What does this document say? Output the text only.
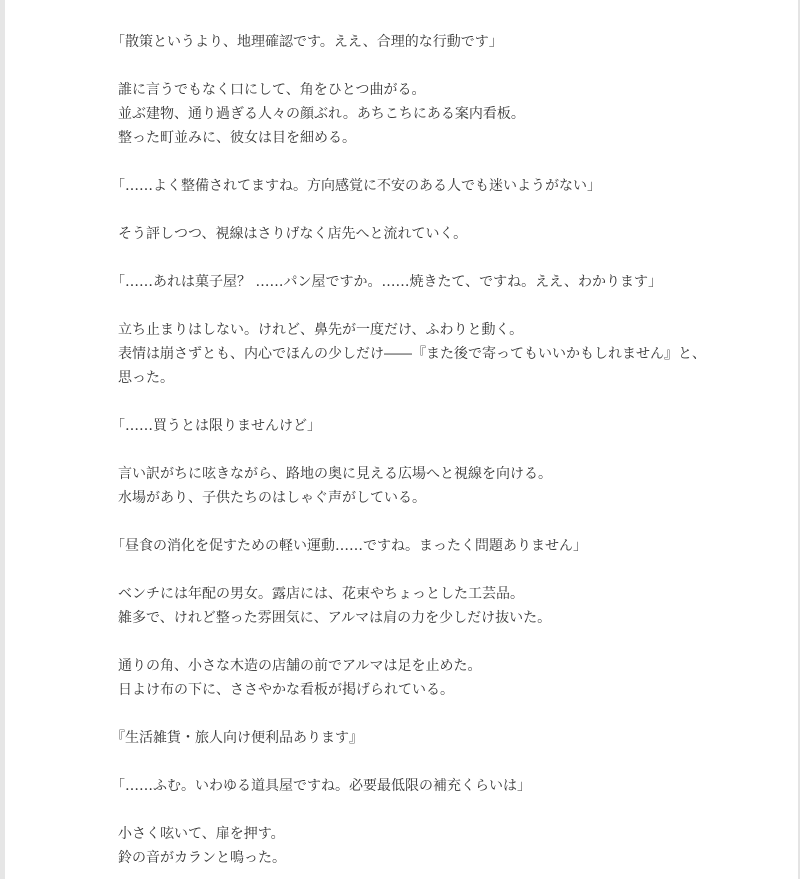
「散策というより、地理確認です。ええ、合理的な行動です」

誰に言うでもなく口にして、角をひとつ曲がる。
並ぶ建物、通り過ぎる人々の顔ぶれ。あちこちにある案内看板。
整った町並みに、彼女は目を細める。

「……よく整備されてますね。方向感覚に不安のある人でも迷いようがない」

そう評しつつ、視線はさりげなく店先へと流れていく。

「……あれは菓子屋？ ……パン屋ですか。……焼きたて、ですね。ええ、わかります」

立ち止まりはしない。けれど、鼻先が一度だけ、ふわりと動く。
表情は崩さずとも、内心でほんの少しだけ――『また後で寄ってもいいかもしれません』と、
思った。

「……買うとは限りませんけど」

言い訳がちに呟きながら、路地の奥に見える広場へと視線を向ける。
水場があり、子供たちのはしゃぐ声がしている。

「昼食の消化を促すための軽い運動……ですね。まったく問題ありません」

ベンチには年配の男女。露店には、花束やちょっとした工芸品。
雑多で、けれど整った雰囲気に、アルマは肩の力を少しだけ抜いた。

通りの角、小さな木造の店舗の前でアルマは足を止めた。
日よけ布の下に、ささやかな看板が掲げられている。

『生活雑貨・旅人向け便利品あります』

「……ふむ。いわゆる道具屋ですね。必要最低限の補充くらいは」

小さく呟いて、扉を押す。
鈴の音がカランと鳴った。
